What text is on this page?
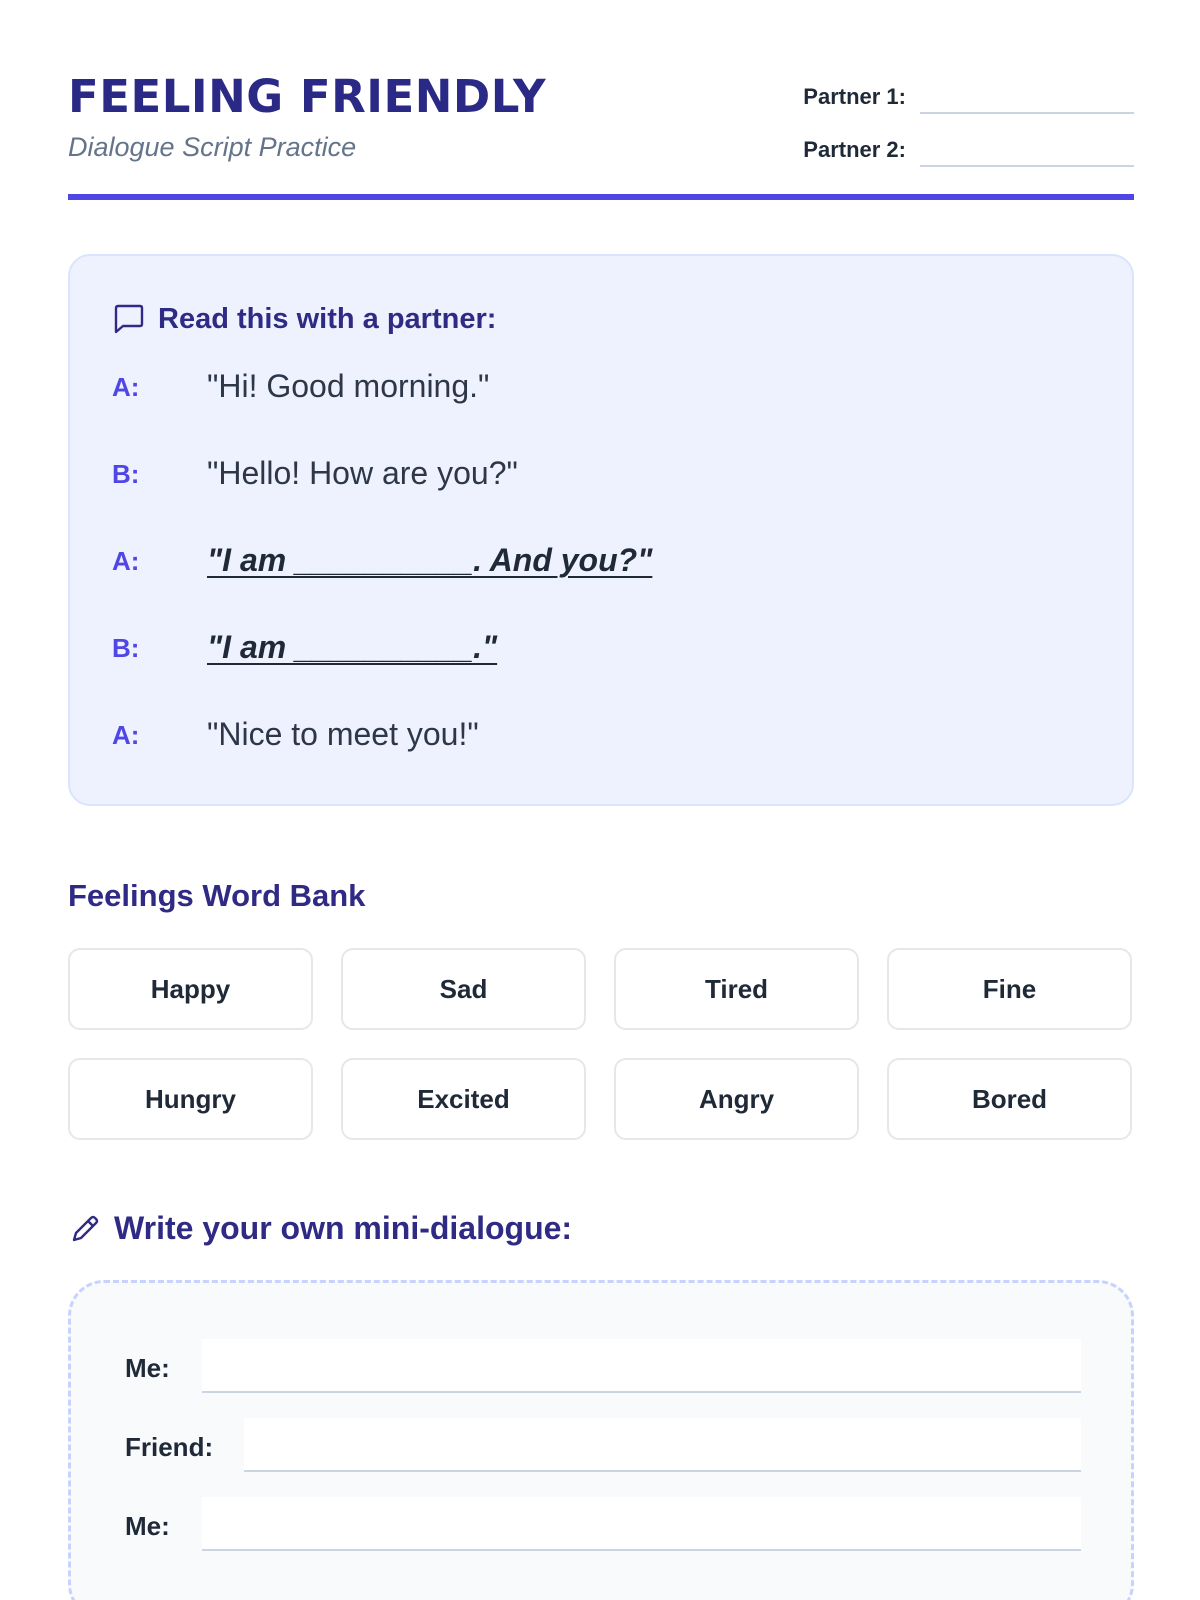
FEELING FRIENDLY
Dialogue Script Practice
Partner 1:
Partner 2:
Read this with a partner:
A: "Hi! Good morning."
B: "Hello! How are you?"
A: "I am __________. And you?"
B: "I am __________."
A: "Nice to meet you!"
Feelings Word Bank
Happy	Sad	Tired	Fine
Hungry	Excited	Angry	Bored
Write your own mini-dialogue:
Me:
Friend:
Me:
